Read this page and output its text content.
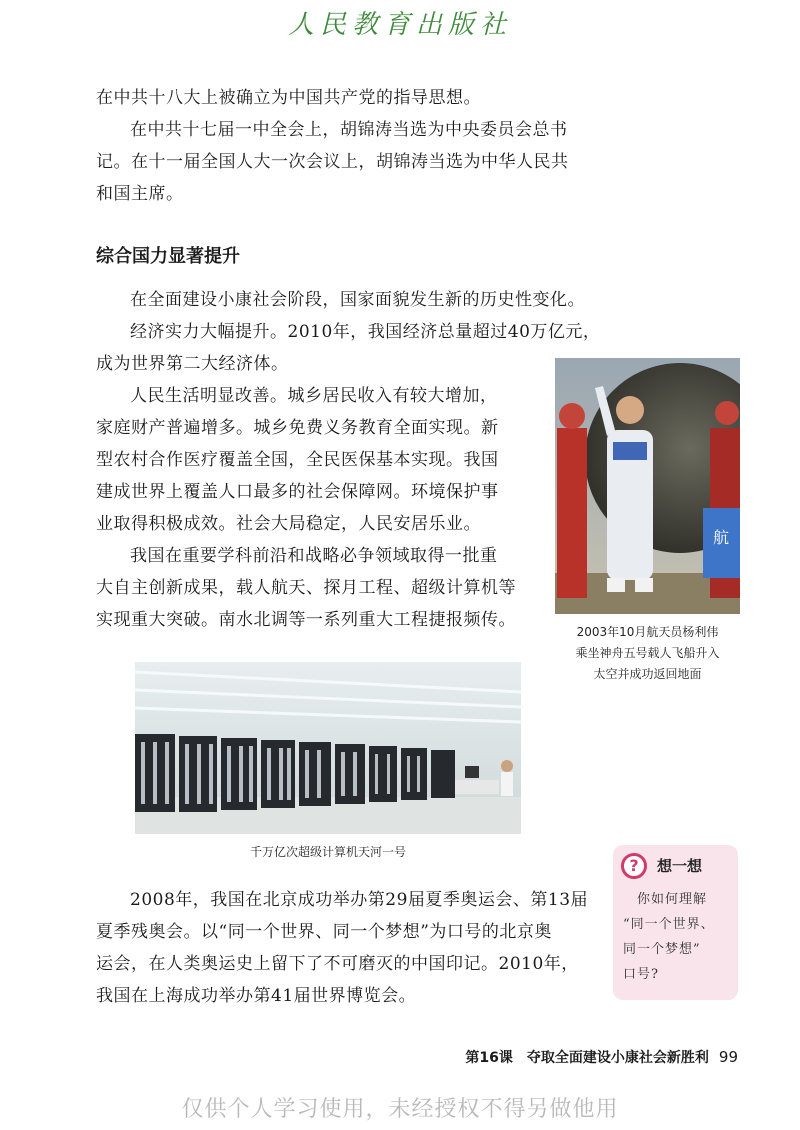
人民教育出版社

在中共十八大上被确立为中国共产党的指导思想。

在中共十七届一中全会上，胡锦涛当选为中央委员会总书

记。在十一届全国人大一次会议上，胡锦涛当选为中华人民共

和国主席。

综合国力显著提升

在全面建设小康社会阶段，国家面貌发生新的历史性变化。

经济实力大幅提升。2010年，我国经济总量超过40万亿元，

成为世界第二大经济体。

人民生活明显改善。城乡居民收入有较大增加，

家庭财产普遍增多。城乡免费义务教育全面实现。新

型农村合作医疗覆盖全国，全民医保基本实现。我国

建成世界上覆盖人口最多的社会保障网。环境保护事

业取得积极成效。社会大局稳定，人民安居乐业。

我国在重要学科前沿和战略必争领域取得一批重

大自主创新成果，载人航天、探月工程、超级计算机等

实现重大突破。南水北调等一系列重大工程捷报频传。

航
2003年10月航天员杨利伟
乘坐神舟五号载人飞船升入
太空并成功返回地面
千万亿次超级计算机天河一号

2008年，我国在北京成功举办第29届夏季奥运会、第13届

夏季残奥会。以“同一个世界、同一个梦想”为口号的北京奥

运会，在人类奥运史上留下了不可磨灭的中国印记。2010年，

我国在上海成功举办第41届世界博览会。

?	想一想
　你如何理解
“同一个世界、
同一个梦想”
口号?
第16课　夺取全面建设小康社会新胜利 99
仅供个人学习使用，未经授权不得另做他用
